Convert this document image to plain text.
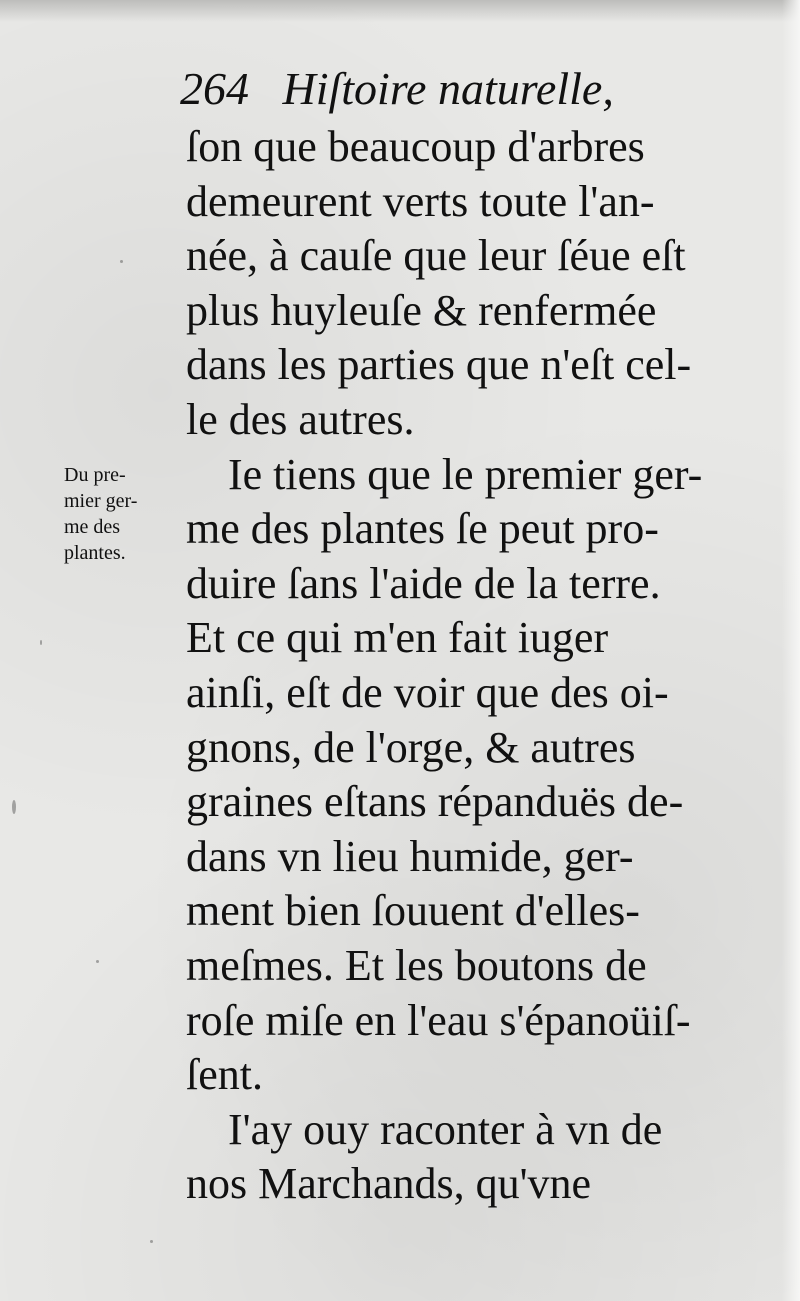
264 Hiſtoire naturelle,
Du pre-
mier ger-
me des
plantes.
ſon que beaucoup d'arbres
demeurent verts toute l'an-
née, à cauſe que leur ſéue eſt
plus huyleuſe & renfermée
dans les parties que n'eſt cel-
le des autres.
Ie tiens que le premier ger-
me des plantes ſe peut pro-
duire ſans l'aide de la terre.
Et ce qui m'en fait iuger
ainſi, eſt de voir que des oi-
gnons, de l'orge, & autres
graines eſtans répanduës de-
dans vn lieu humide, ger-
ment bien ſouuent d'elles-
meſmes. Et les boutons de
roſe miſe en l'eau s'épanoüiſ-
ſent.
I'ay ouy raconter à vn de
nos Marchands, qu'vne
